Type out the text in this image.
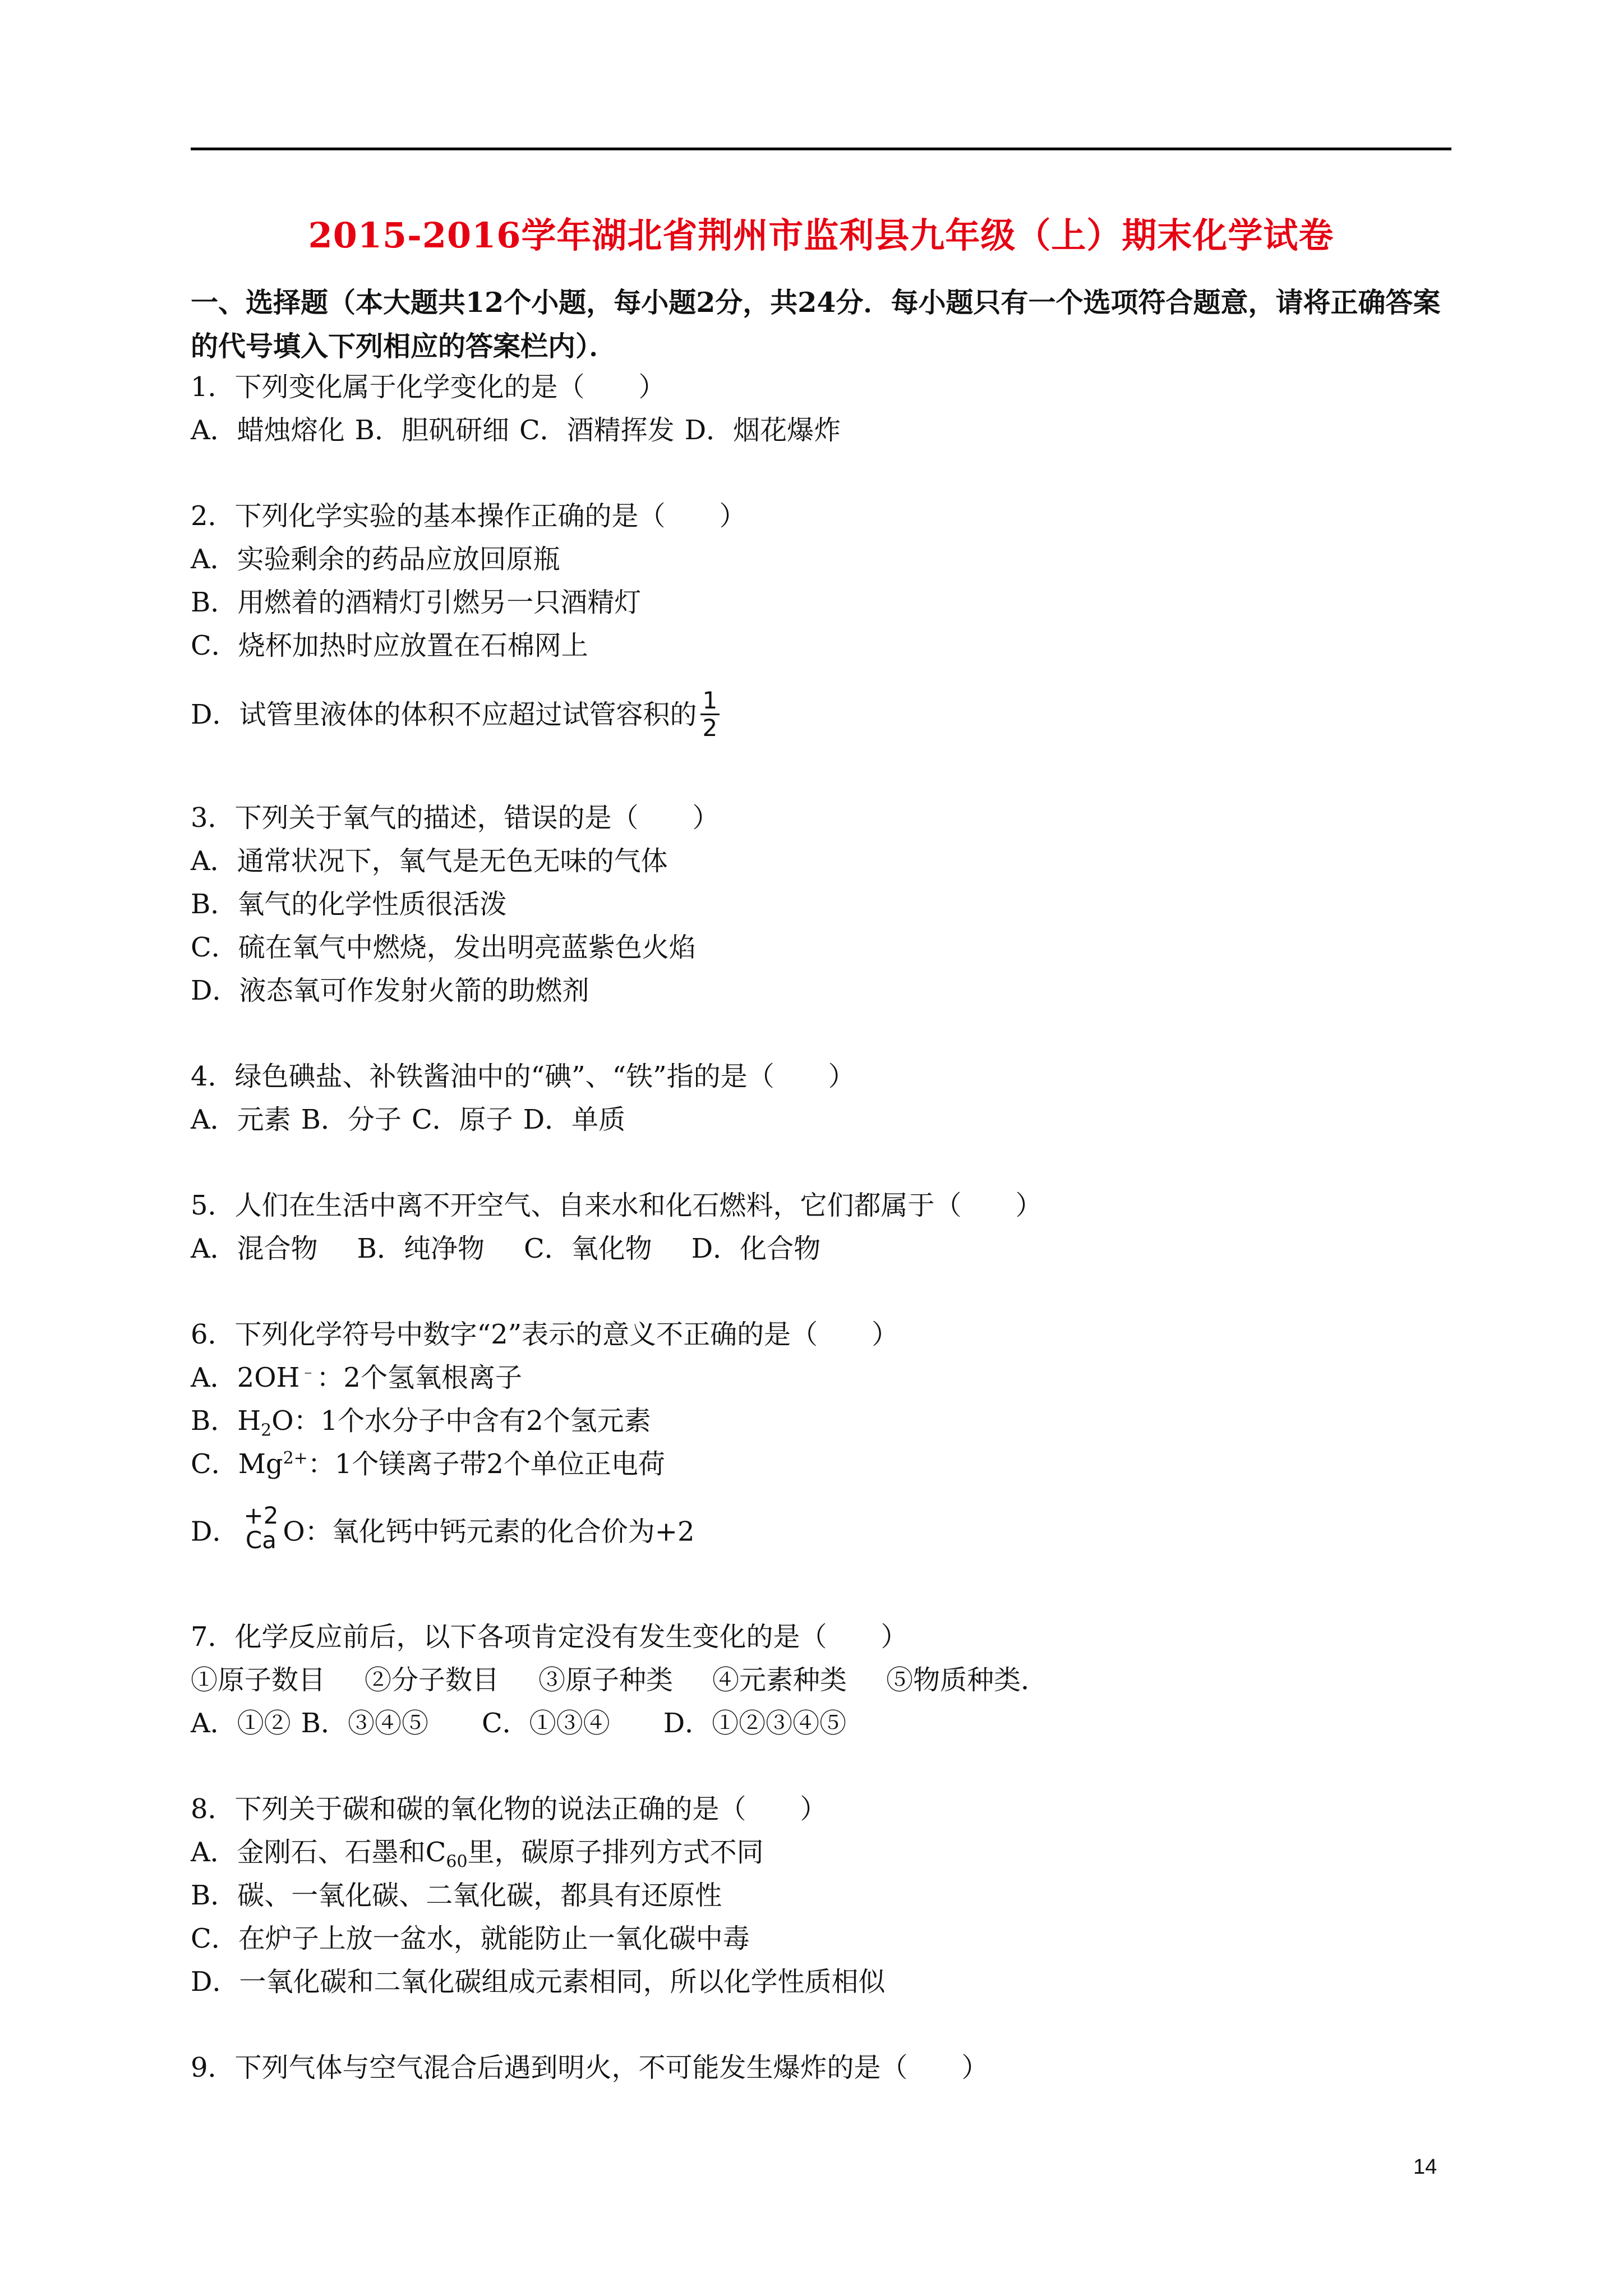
2015-2016学年湖北省荆州市监利县九年级（上）期末化学试卷
一、选择题（本大题共12个小题，每小题2分，共24分．每小题只有一个选项符合题意，请将正确答案的代号填入下列相应的答案栏内）．
1．下列变化属于化学变化的是（　　）
A．蜡烛熔化 B．胆矾研细 C．酒精挥发 D．烟花爆炸
2．下列化学实验的基本操作正确的是（　　）
A．实验剩余的药品应放回原瓶
B．用燃着的酒精灯引燃另一只酒精灯
C．烧杯加热时应放置在石棉网上
D．试管里液体的体积不应超过试管容积的 $\frac{1}{2}$
3．下列关于氧气的描述，错误的是（　　）
A．通常状况下，氧气是无色无味的气体
B．氧气的化学性质很活泼
C．硫在氧气中燃烧，发出明亮蓝紫色火焰
D．液态氧可作发射火箭的助燃剂
4．绿色碘盐、补铁酱油中的“碘”、“铁”指的是（　　）
A．元素 B．分子 C．原子 D．单质
5．人们在生活中离不开空气、自来水和化石燃料，它们都属于（　　）
A．混合物 B．纯净物 C．氧化物 D．化合物
6．下列化学符号中数字“2”表示的意义不正确的是（　　）
A．2OH﹣：2个氢氧根离子
B．$H_2O$：1个水分子中含有2个氢元素
C．$Mg^{2+}$：1个镁离子带2个单位正电荷
D．
+2
Ca O：氧化钙中钙元素的化合价为+2
7．化学反应前后，以下各项肯定没有发生变化的是（　　）
①原子数目 ②分子数目 ③原子种类 ④元素种类 ⑤物质种类．
A．①② B．③④⑤ C．①③④ D．①②③④⑤
8．下列关于碳和碳的氧化物的说法正确的是（　　）
A．金刚石、石墨和$C_{60}$里，碳原子排列方式不同
B．碳、一氧化碳、二氧化碳，都具有还原性
C．在炉子上放一盆水，就能防止一氧化碳中毒
D．一氧化碳和二氧化碳组成元素相同，所以化学性质相似
9．下列气体与空气混合后遇到明火，不可能发生爆炸的是（　　）
14
